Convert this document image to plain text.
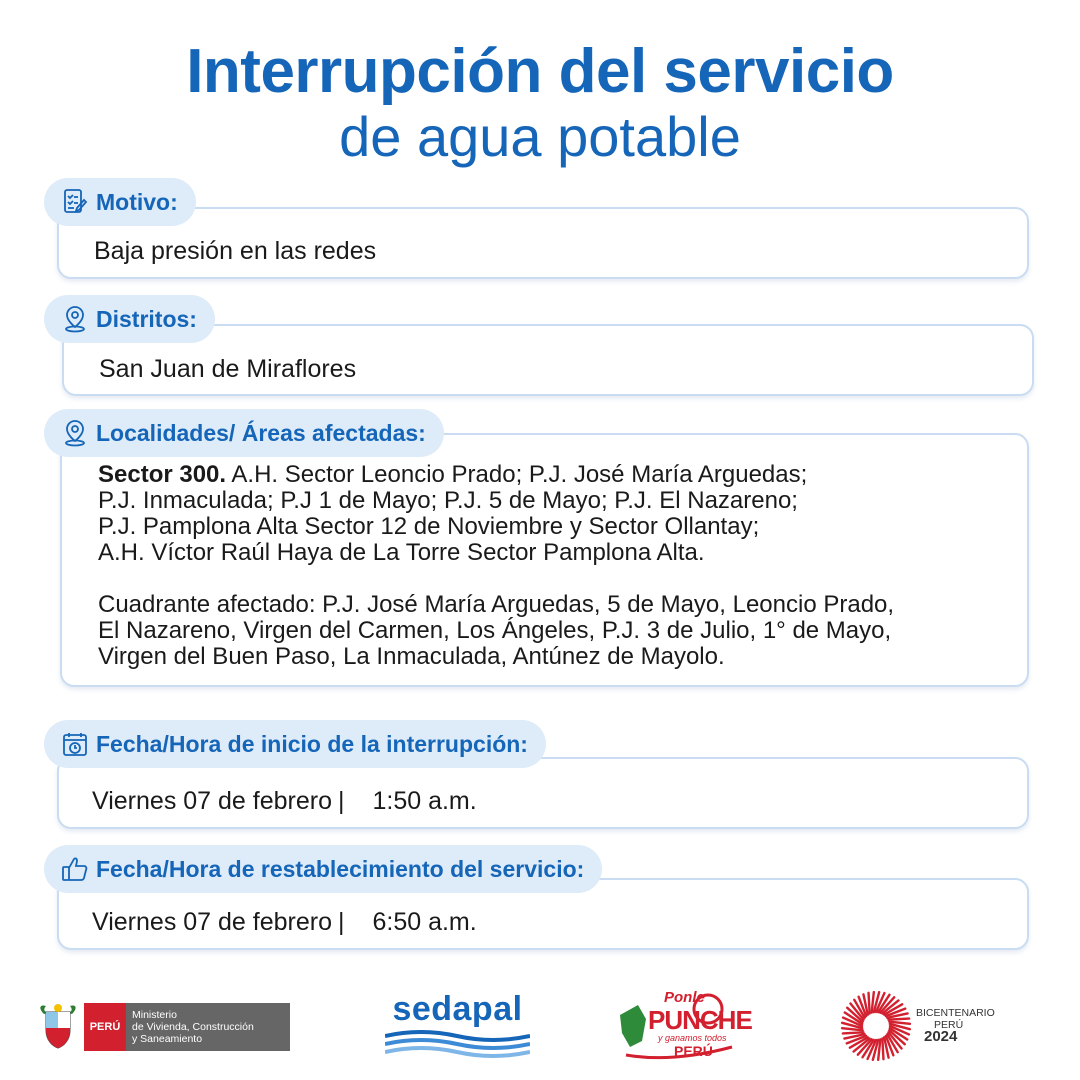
Interrupción del servicio
de agua potable
Motivo:
Baja presión en las redes
Distritos:
San Juan de Miraflores
Localidades/ Áreas afectadas:

Sector 300. A.H. Sector Leoncio Prado; P.J. José María Arguedas;
P.J. Inmaculada; P.J 1 de Mayo; P.J. 5 de Mayo; P.J. El Nazareno;
P.J. Pamplona Alta Sector 12 de Noviembre y Sector Ollantay;
A.H. Víctor Raúl Haya de La Torre Sector Pamplona Alta.

Cuadrante afectado: P.J. José María Arguedas, 5 de Mayo, Leoncio Prado,
El Nazareno, Virgen del Carmen, Los Ángeles, P.J. 3 de Julio, 1° de Mayo,
Virgen del Buen Paso, La Inmaculada, Antúnez de Mayolo.

Fecha/Hora de inicio de la interrupción:
Viernes 07 de febrero | 1:50 a.m.
Fecha/Hora de restablecimiento del servicio:
Viernes 07 de febrero | 6:50 a.m.
PERÚ
Ministerio
de Vivienda, Construcción
y Saneamiento
sedapal	Ponle
PUNCHE
y ganamos todos
PERÚ
BICENTENARIO
PERÚ
2024
